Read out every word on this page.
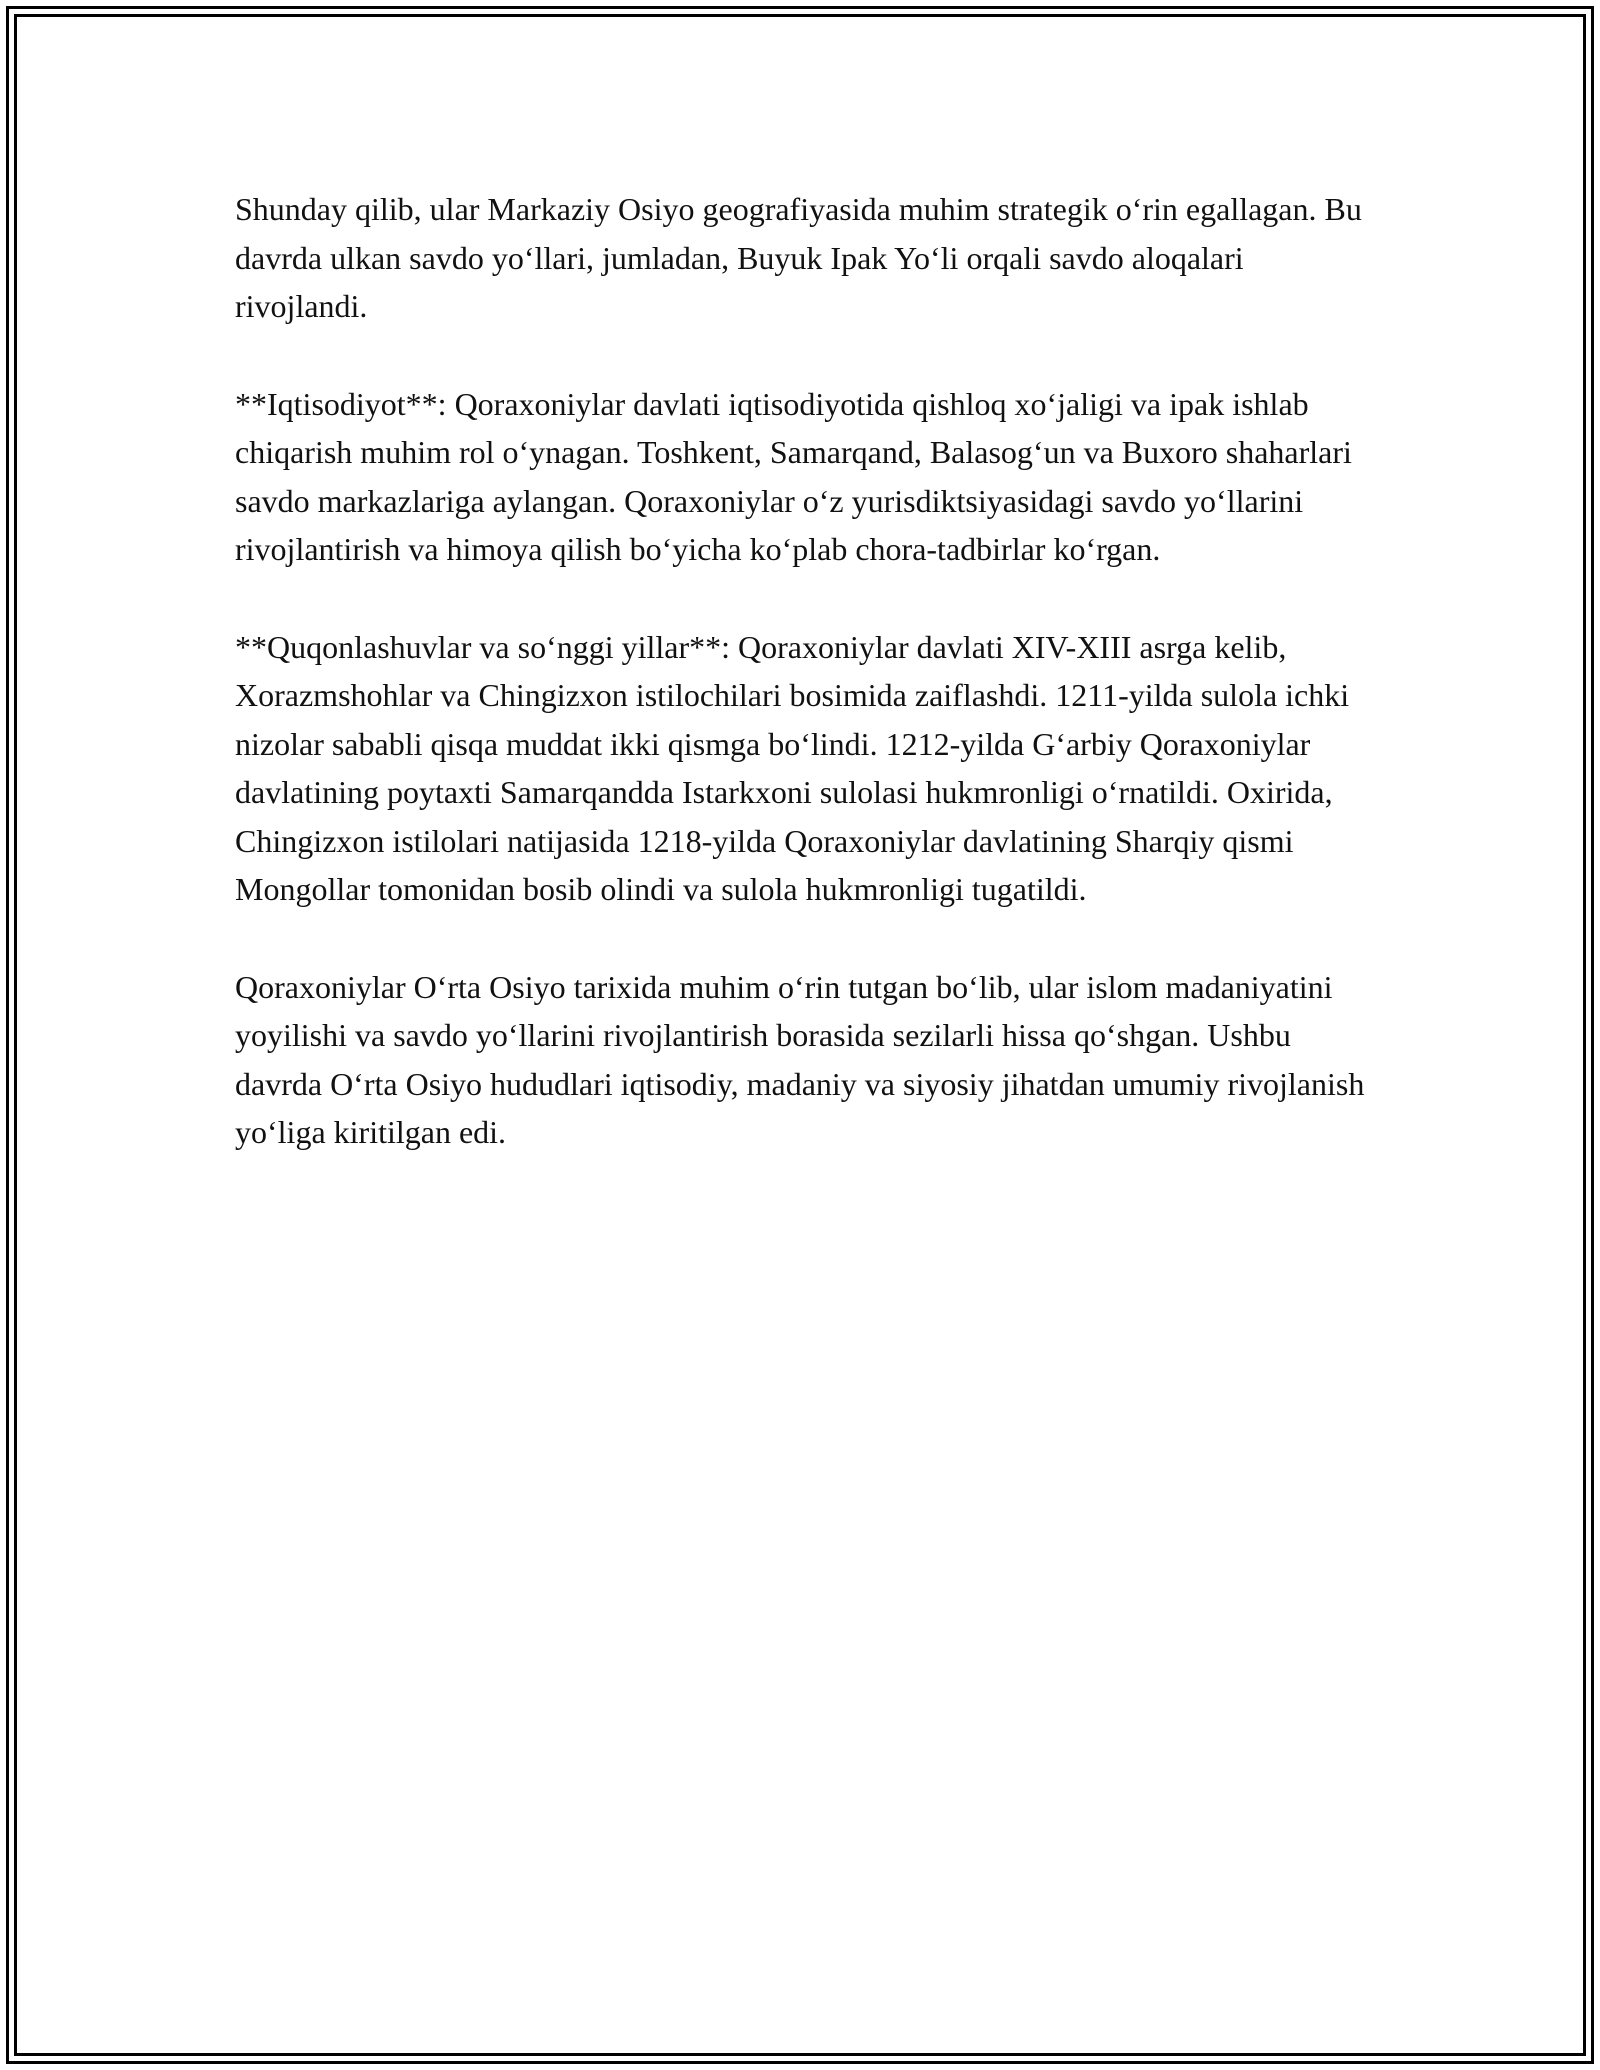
Shunday qilib, ular Markaziy Osiyo geografiyasida muhim strategik o‘rin egallagan. Bu davrda ulkan savdo yo‘llari, jumladan, Buyuk Ipak Yo‘li orqali savdo aloqalari rivojlandi.

**Iqtisodiyot**: Qoraxoniylar davlati iqtisodiyotida qishloq xo‘jaligi va ipak ishlab chiqarish muhim rol o‘ynagan. Toshkent, Samarqand, Balasog‘un va Buxoro shaharlari savdo markazlariga aylangan. Qoraxoniylar o‘z yurisdiktsiyasidagi savdo yo‘llarini rivojlantirish va himoya qilish bo‘yicha ko‘plab chora-tadbirlar ko‘rgan.

**Quqonlashuvlar va so‘nggi yillar**: Qoraxoniylar davlati XIV-XIII asrga kelib, Xorazmshohlar va Chingizxon istilochilari bosimida zaiflashdi. 1211-yilda sulola ichki nizolar sababli qisqa muddat ikki qismga bo‘lindi. 1212-yilda G‘arbiy Qoraxoniylar davlatining poytaxti Samarqandda Istarkxoni sulolasi hukmronligi o‘rnatildi. Oxirida, Chingizxon istilolari natijasida 1218-yilda Qoraxoniylar davlatining Sharqiy qismi Mongollar tomonidan bosib olindi va sulola hukmronligi tugatildi.

Qoraxoniylar O‘rta Osiyo tarixida muhim o‘rin tutgan bo‘lib, ular islom madaniyatini yoyilishi va savdo yo‘llarini rivojlantirish borasida sezilarli hissa qo‘shgan. Ushbu davrda O‘rta Osiyo hududlari iqtisodiy, madaniy va siyosiy jihatdan umumiy rivojlanish yo‘liga kiritilgan edi.
